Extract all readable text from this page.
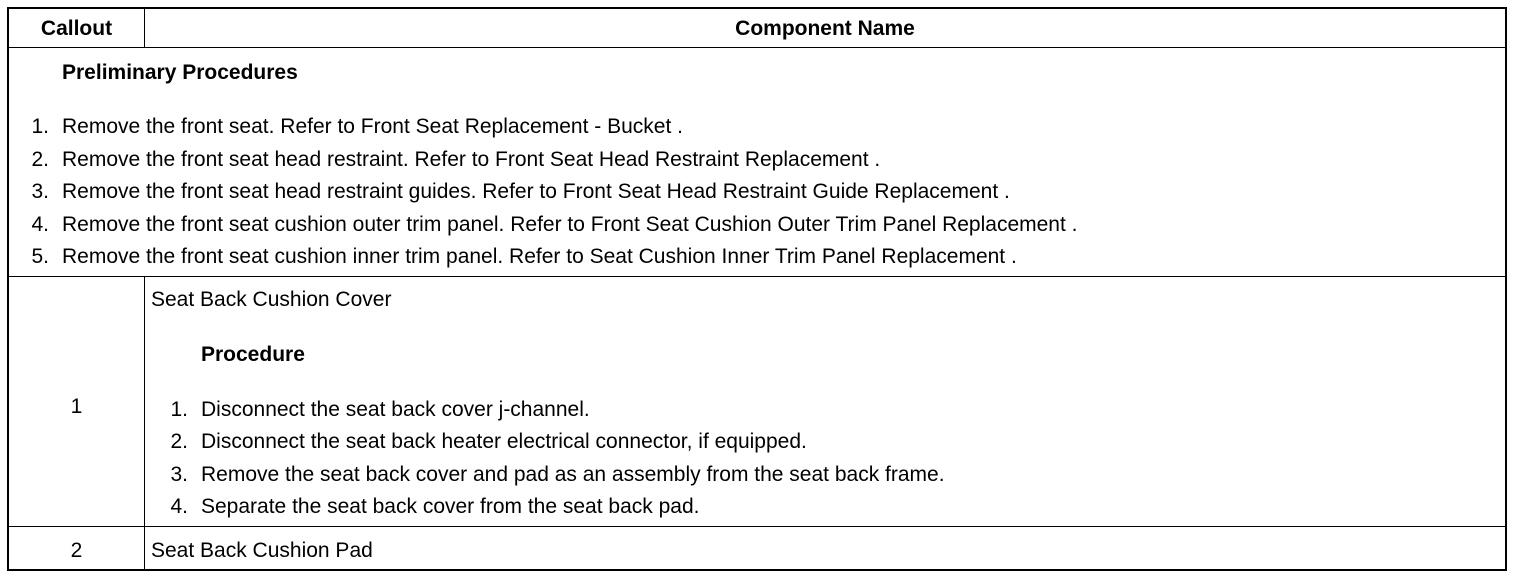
Callout	Component Name
Preliminary Procedures
1. Remove the front seat. Refer to Front Seat Replacement - Bucket .
2. Remove the front seat head restraint. Refer to Front Seat Head Restraint Replacement .
3. Remove the front seat head restraint guides. Refer to Front Seat Head Restraint Guide Replacement .
4. Remove the front seat cushion outer trim panel. Refer to Front Seat Cushion Outer Trim Panel Replacement .
5. Remove the front seat cushion inner trim panel. Refer to Seat Cushion Inner Trim Panel Replacement .
1
Seat Back Cushion Cover
Procedure
1. Disconnect the seat back cover j-channel.
2. Disconnect the seat back heater electrical connector, if equipped.
3. Remove the seat back cover and pad as an assembly from the seat back frame.
4. Separate the seat back cover from the seat back pad.
2	Seat Back Cushion Pad
